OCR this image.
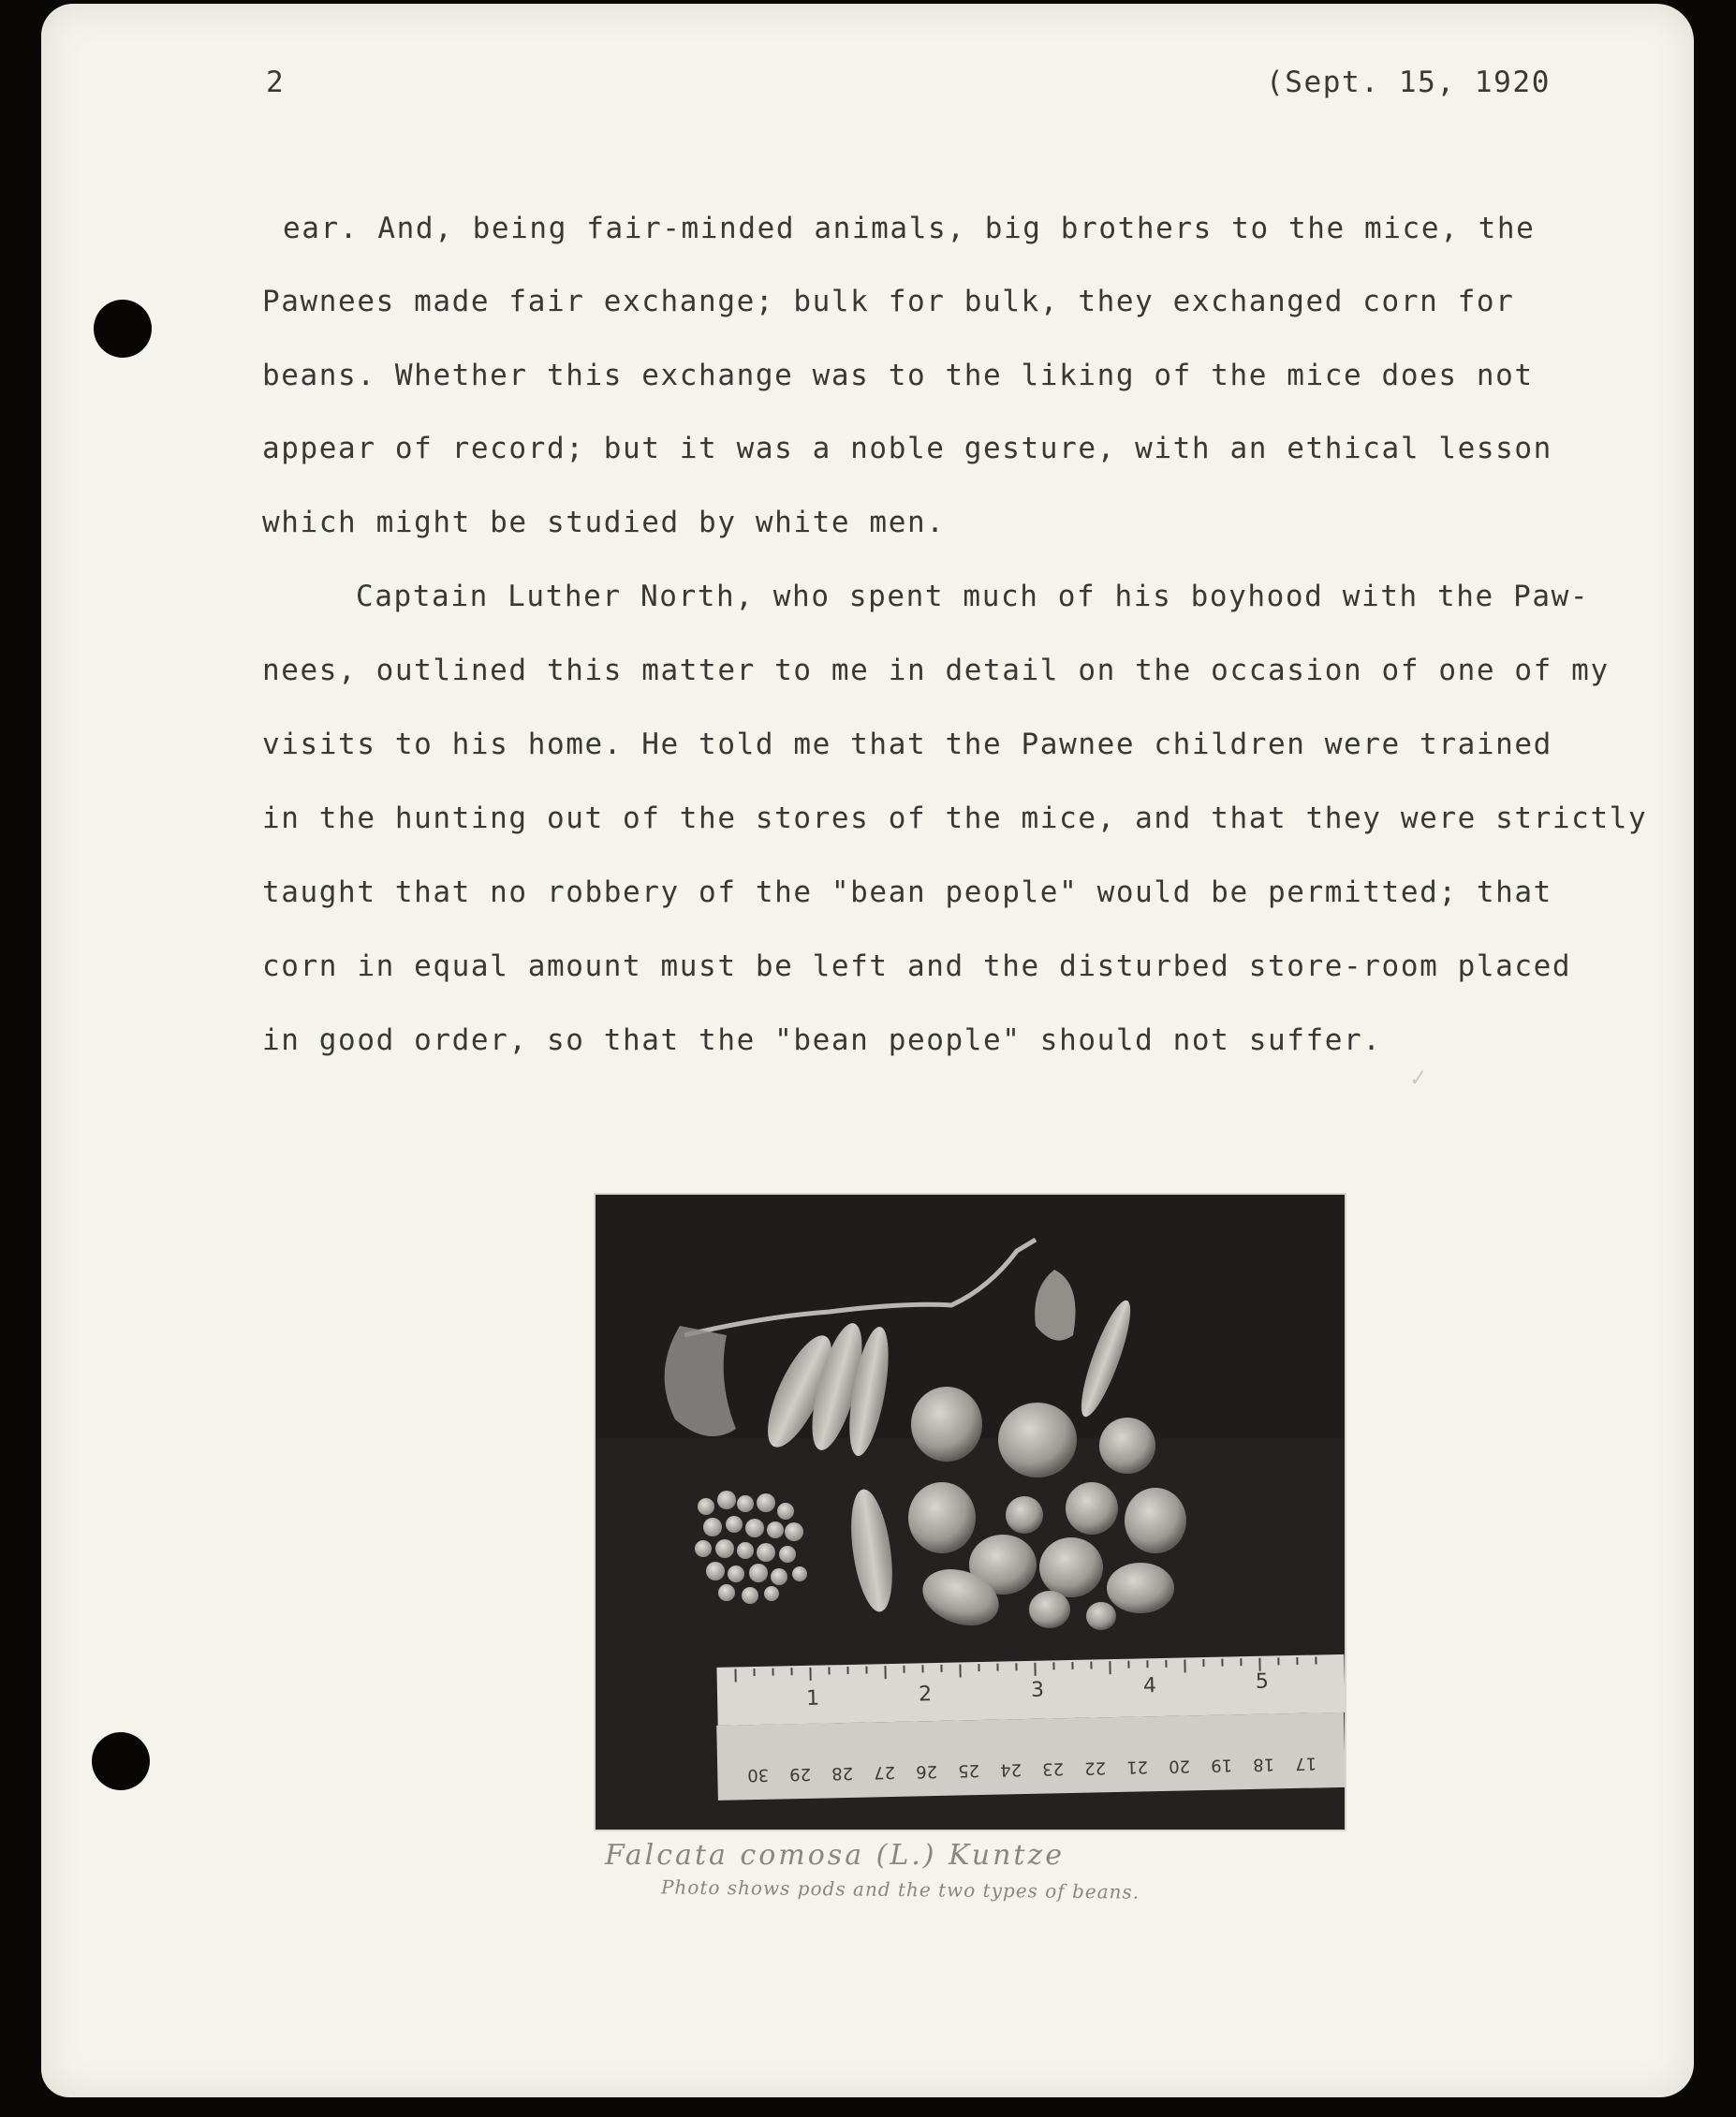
2	(Sept. 15, 1920

ear. And, being fair-minded animals, big brothers to the mice, the

Pawnees made fair exchange; bulk for bulk, they exchanged corn for

beans. Whether this exchange was to the liking of the mice does not

appear of record; but it was a noble gesture, with an ethical lesson

which might be studied by white men.

Captain Luther North, who spent much of his boyhood with the Paw-

nees, outlined this matter to me in detail on the occasion of one of my

visits to his home. He told me that the Pawnee children were trained

in the hunting out of the stores of the mice, and that they were strictly

taught that no robbery of the "bean people" would be permitted; that

corn in equal amount must be left and the disturbed store-room placed

in good order, so that the "bean people" should not suffer.

✓
1	2	3	4	5
17
18
19
20
21
22
23
24
25
26
27
28
29
30
Falcata comosa (L.) Kuntze
Photo shows pods and the two types of beans.
